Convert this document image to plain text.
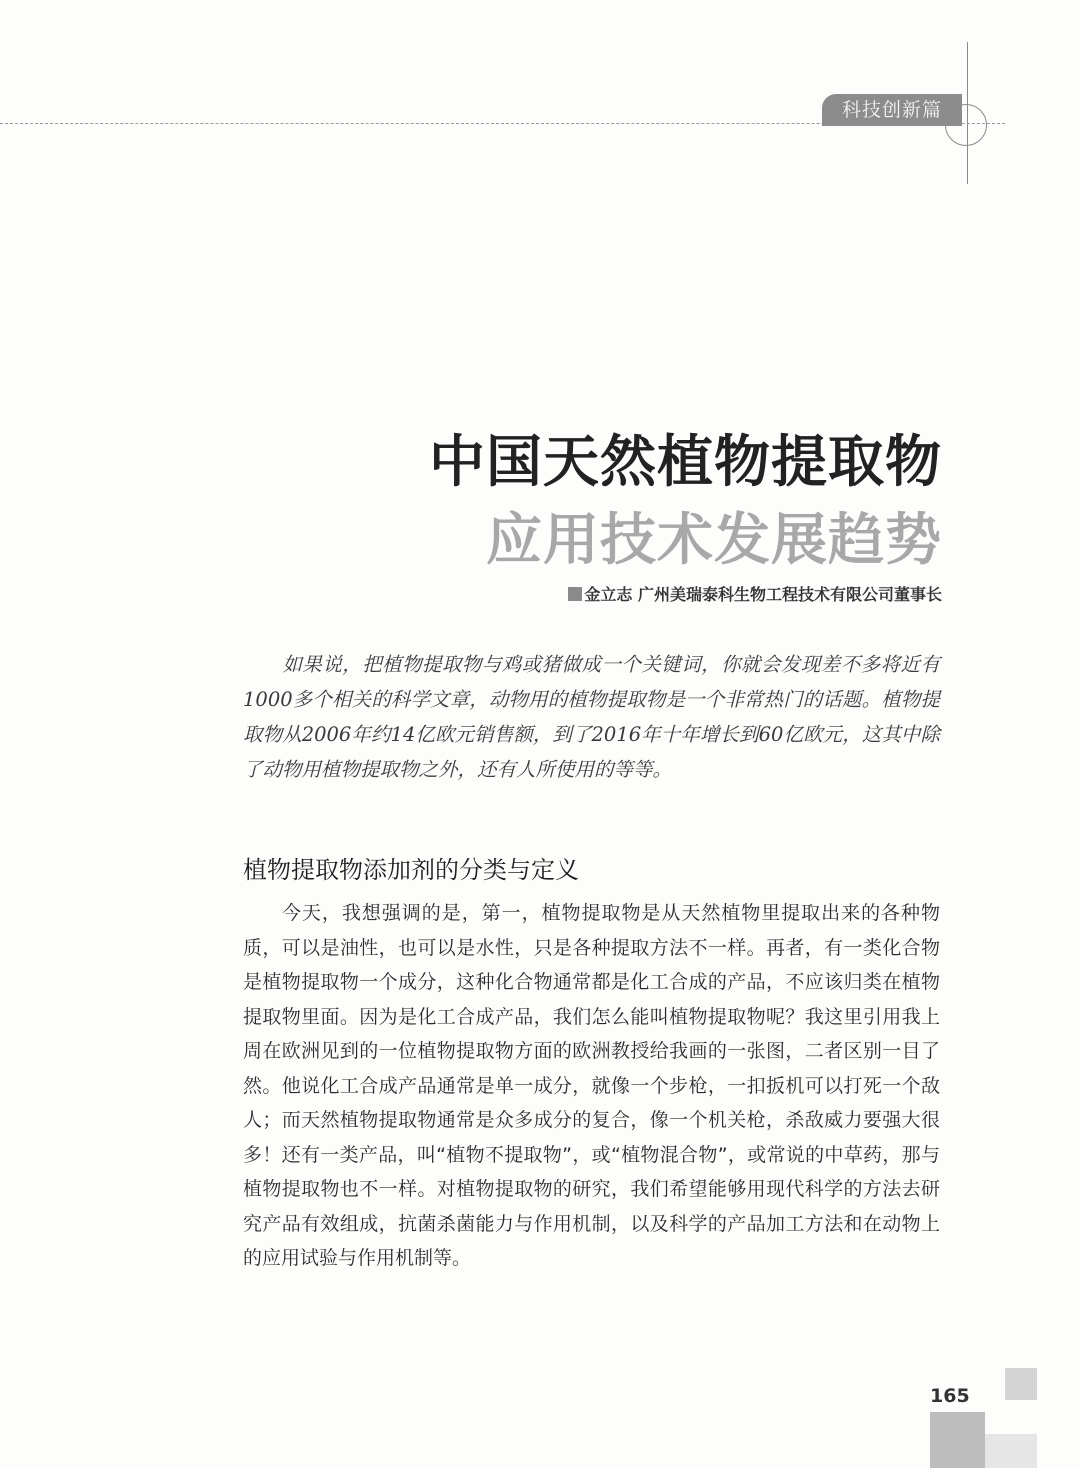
科技创新篇
中国天然植物提取物
应用技术发展趋势
金立志 广州美瑞泰科生物工程技术有限公司董事长

如果说，把植物提取物与鸡或猪做成一个关键词，你就会发现差不多将近有1000多个相关的科学文章，动物用的植物提取物是一个非常热门的话题。植物提取物从2006年约14亿欧元销售额，到了2016年十年增长到60亿欧元，这其中除了动物用植物提取物之外，还有人所使用的等等。

植物提取物添加剂的分类与定义

今天，我想强调的是，第一，植物提取物是从天然植物里提取出来的各种物质，可以是油性，也可以是水性，只是各种提取方法不一样。再者，有一类化合物是植物提取物一个成分，这种化合物通常都是化工合成的产品，不应该归类在植物提取物里面。因为是化工合成产品，我们怎么能叫植物提取物呢？我这里引用我上周在欧洲见到的一位植物提取物方面的欧洲教授给我画的一张图，二者区别一目了然。他说化工合成产品通常是单一成分，就像一个步枪，一扣扳机可以打死一个敌人；而天然植物提取物通常是众多成分的复合，像一个机关枪，杀敌威力要强大很多！还有一类产品，叫“植物不提取物”，或“植物混合物”，或常说的中草药，那与植物提取物也不一样。对植物提取物的研究，我们希望能够用现代科学的方法去研究产品有效组成，抗菌杀菌能力与作用机制，以及科学的产品加工方法和在动物上的应用试验与作用机制等。

165
